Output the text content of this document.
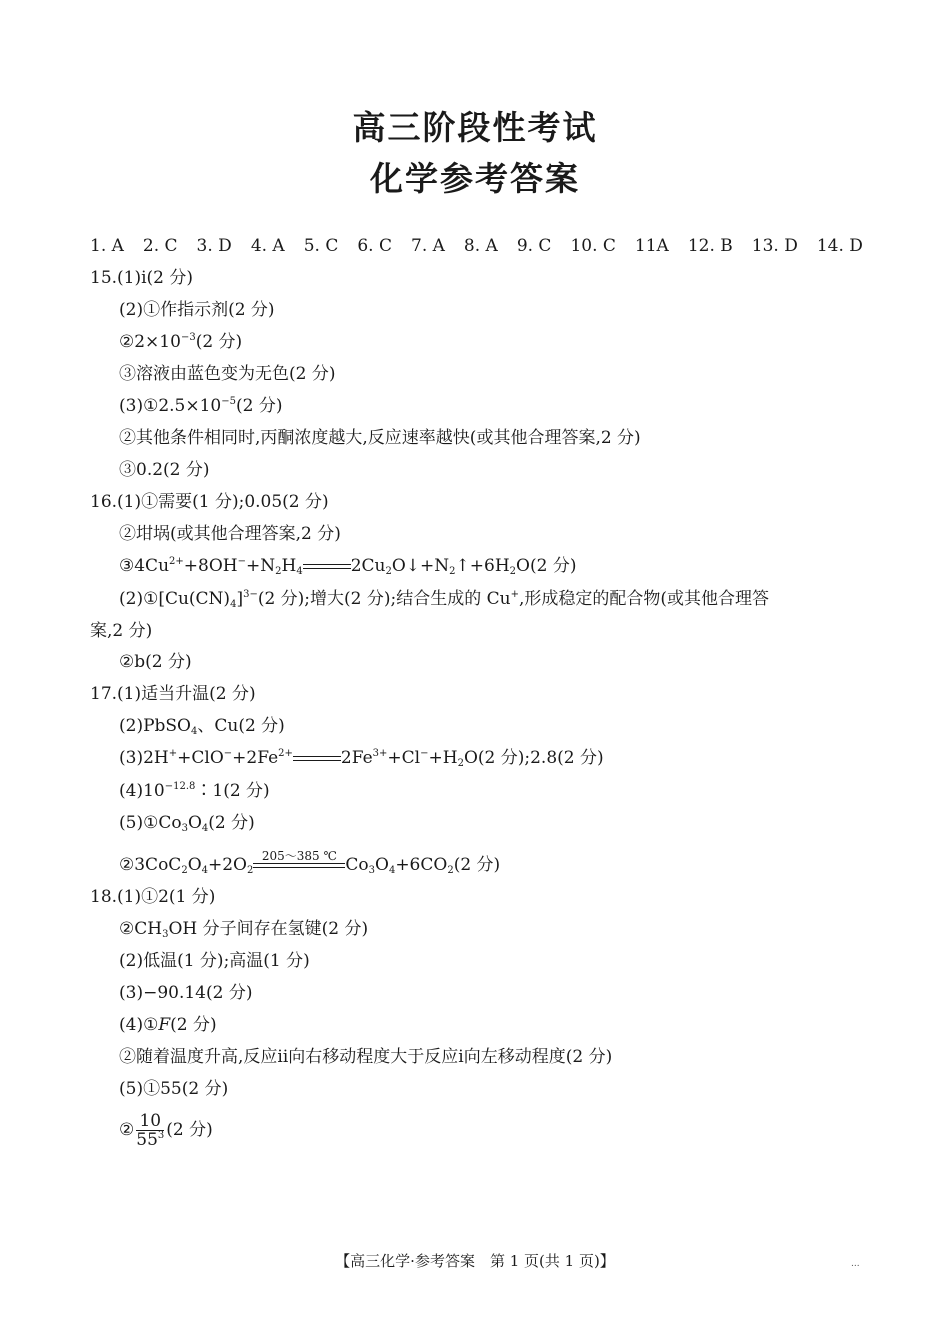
高三阶段性考试
化学参考答案
1. A 2. C 3. D 4. A 5. C 6. C 7. A 8. A 9. C 10. C 11A 12. B 13. D 14. D
15.(1)ⅰ(2 分)
(2)①作指示剂(2 分)
$②2\times 10^{-3}(2$ 分)
③溶液由蓝色变为无色(2 分)
$(3)①2.5\times 10^{-5}(2$ 分)
②其他条件相同时,丙酮浓度越大,反应速率越快(或其他合理答案,2 分)
③0.2(2 分)
16.(1)①需要(1 分);0.05(2 分)
②坩埚(或其他合理答案,2 分)
$③4Cu^{2+}+8OH^-+N_2H_4$	$2Cu_2O↓+N_2↑+6H_2O(2$ 分)
$(2)①[Cu(CN)_4]^{3-}(2$ 分);增大(2 分);结合生成的 Cu+,形成稳定的配合物(或其他合理答
案,2 分)
②b(2 分)
17.(1)适当升温(2 分)
(2)PbSO$_4$、Cu(2 分)
$(3)2H^++ClO^-+2Fe^{2+}$	$2Fe^{3+}+Cl^-+H_2O(2$ 分);2.8(2 分)
$(4)10^{-12.8}∶1(2$ 分)
$(5)①Co_3O_4(2$ 分)
$②3CoC_2O_4+2O_2$
205～385 ℃ $Co_3O_4+6CO_2(2$ 分)
18.(1)①2(1 分)
$②CH_3OH$ 分子间存在氢键(2 分)
(2)低温(1 分);高温(1 分)
(3)−90.14(2 分)
(4)①F(2 分)
②随着温度升高,反应ⅱ向右移动程度大于反应ⅰ向左移动程度(2 分)
(5)①55(2 分)
② $\frac{10}{55^3} (2$ 分)
【高三化学·参考答案　第 1 页(共 1 页)】	...
